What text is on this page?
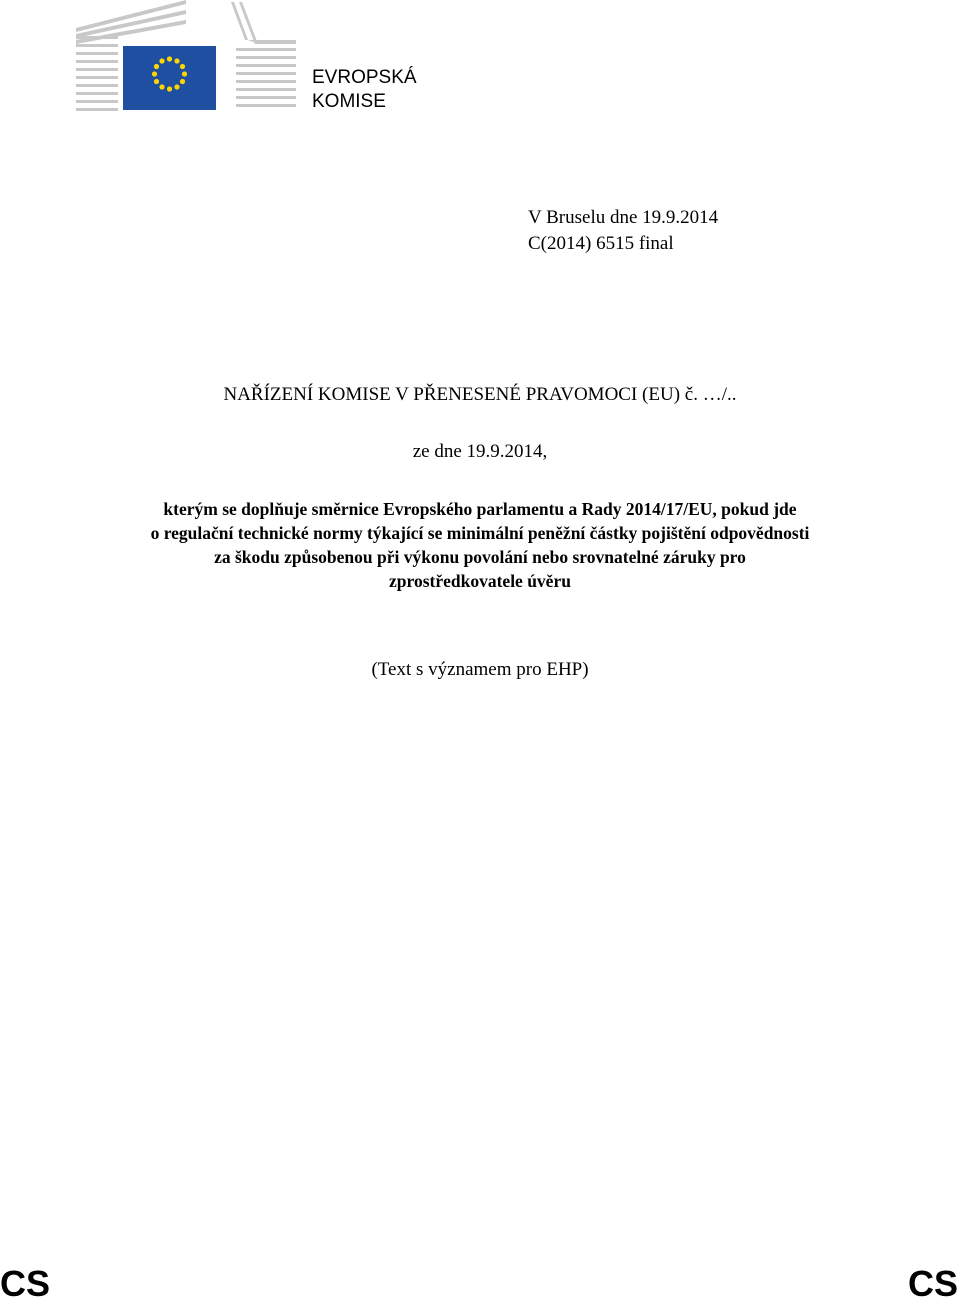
EVROPSKÁ
KOMISE
V Bruselu dne 19.9.2014
C(2014) 6515 final
NAŘÍZENÍ KOMISE V PŘENESENÉ PRAVOMOCI (EU) č. …/..
ze dne 19.9.2014,
kterým se doplňuje směrnice Evropského parlamentu a Rady 2014/17/EU, pokud jde
o regulační technické normy týkající se minimální peněžní částky pojištění odpovědnosti
za škodu způsobenou při výkonu povolání nebo srovnatelné záruky pro
zprostředkovatele úvěru
(Text s významem pro EHP)
CS	CS
